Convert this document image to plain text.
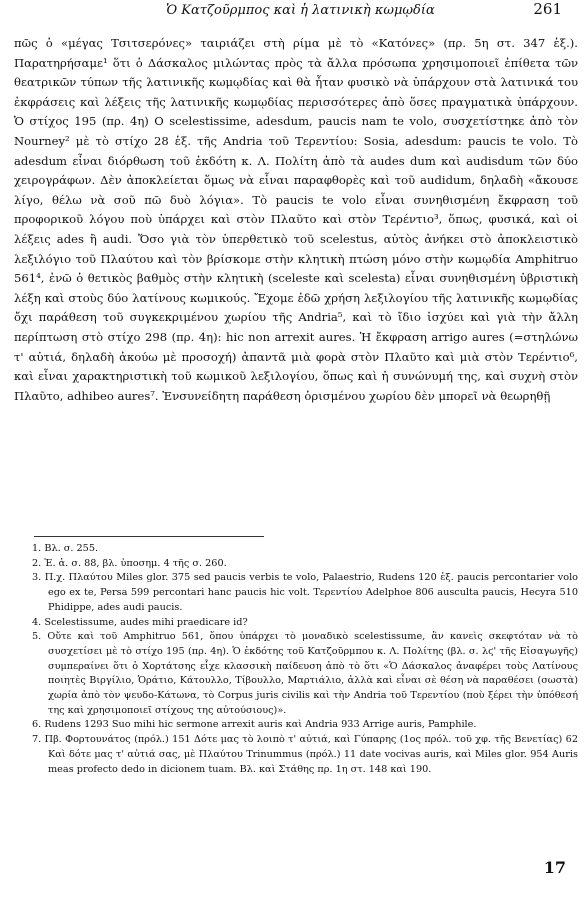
Ὁ Κατζοῦρμπος καὶ ἡ λατινικὴ κωμῳδία	261

πῶς ὁ «μέγας Τσιτσερόνες» ταιριάζει στὴ ρίμα μὲ τὸ «Κατόνες» (πρ. 5η στ. 347 ἑξ.). Παρατηρήσαμε¹ ὅτι ὁ Δάσκαλος μιλώντας πρὸς τὰ ἄλλα πρόσωπα χρησιμοποιεῖ ἐπίθετα τῶν θεατρικῶν τύπων τῆς λατινικῆς κωμῳδίας καὶ θὰ ἦταν φυσικὸ νὰ ὑπάρχουν στὰ λατινικά του ἐκφράσεις καὶ λέξεις τῆς λατινικῆς κωμῳδίας περισσότερες ἀπὸ ὅσες πραγματικὰ ὑπάρχουν. Ὁ στίχος 195 (πρ. 4η) O scelestissime, adesdum, paucis nam te volo, συσχετίστηκε ἀπὸ τὸν Nourney² μὲ τὸ στίχο 28 ἑξ. τῆς Andria τοῦ Τερεντίου: Sosia, adesdum: paucis te volo. Τὸ adesdum εἶναι διόρθωση τοῦ ἐκδότη κ. Λ. Πολίτη ἀπὸ τὰ audes dum καὶ audisdum τῶν δύο χειρογράφων. Δὲν ἀποκλείεται ὅμως νὰ εἶναι παραφθορὲς καὶ τοῦ audidum, δηλαδὴ «ἄκουσε λίγο, θέλω νὰ σοῦ πῶ δυὸ λόγια». Τὸ paucis te volo εἶναι συνηθισμένη ἔκφραση τοῦ προφορικοῦ λόγου ποὺ ὑπάρχει καὶ στὸν Πλαῦτο καὶ στὸν Τερέντιο³, ὅπως, φυσικά, καὶ οἱ λέξεις ades ἢ audi. Ὅσο γιὰ τὸν ὑπερθετικὸ τοῦ scelestus, αὐτὸς ἀνήκει στὸ ἀποκλειστικὸ λεξιλόγιο τοῦ Πλαύτου καὶ τὸν βρίσκομε στὴν κλητικὴ πτώση μόνο στὴν κωμῳδία Amphitruo 561⁴, ἐνῶ ὁ θετικὸς βαθμὸς στὴν κλητικὴ (sceleste καὶ scelesta) εἶναι συνηθισμένη ὑβριστικὴ λέξη καὶ στοὺς δύο λατίνους κωμικούς. Ἔχομε ἐδῶ χρήση λεξιλογίου τῆς λατινικῆς κωμῳδίας ὄχι παράθεση τοῦ συγκεκριμένου χωρίου τῆς Andria⁵, καὶ τὸ ἴδιο ἰσχύει καὶ γιὰ τὴν ἄλλη περίπτωση στὸ στίχο 298 (πρ. 4η): hic non arrexit aures. Ἡ ἔκφραση arrigo aures (=στηλώνω τ' αὐτιά, δηλαδὴ ἀκούω μὲ προσοχή) ἀπαντᾶ μιὰ φορὰ στὸν Πλαῦτο καὶ μιὰ στὸν Τερέντιο⁶, καὶ εἶναι χαρακτηριστικὴ τοῦ κωμικοῦ λεξιλογίου, ὅπως καὶ ἡ συνώνυμή της, καὶ συχνὴ στὸν Πλαῦτο, adhibeo aures⁷. Ἐνσυνείδητη παράθεση ὁρισμένου χωρίου δὲν μπορεῖ νὰ θεωρηθῇ

1. Βλ. σ. 255.

2. Ἑ. ἀ. σ. 88, βλ. ὑποσημ. 4 τῆς σ. 260.

3. Π.χ. Πλαύτου Miles glor. 375 sed paucis verbis te volo, Palaestrio, Rudens 120 ἑξ. paucis percontarier volo ego ex te, Persa 599 percontari hanc paucis hic volt. Τερεντίου Adelphoe 806 ausculta paucis, Hecyra 510 Phidippe, ades audi paucis.

4. Scelestissume, audes mihi praedicare id?

5. Οὔτε καὶ τοῦ Amphitruo 561, ὅπου ὑπάρχει τὸ μοναδικὸ scelestissume, ἂν κανεὶς σκεφτόταν νὰ τὸ συσχετίσει μὲ τὸ στίχο 195 (πρ. 4η). Ὁ ἐκδότης τοῦ Κατζοῦρμπου κ. Λ. Πολίτης (βλ. σ. λϛ' τῆς Εἰσαγωγῆς) συμπεραίνει ὅτι ὁ Χορτάτσης εἶχε κλασσικὴ παίδευση ἀπὸ τὸ ὅτι «Ὁ Δάσκαλος ἀναφέρει τοὺς Λατίνους ποιητὲς Βιργίλιο, Ὁράτιο, Κάτουλλο, Τίβουλλο, Μαρτιάλιο, ἀλλὰ καὶ εἶναι σὲ θέση νὰ παραθέσει (σωστὰ) χωρία ἀπὸ τὸν ψευδο-Κάτωνα, τὸ Corpus juris civilis καὶ τὴν Andria τοῦ Τερεντίου (ποὺ ξέρει τὴν ὑπόθεσή της καὶ χρησιμοποιεῖ στίχους της αὐτούσιους)».

6. Rudens 1293 Suo mihi hic sermone arrexit auris καὶ Andria 933 Arrige auris, Pamphile.

7. Πβ. Φορτουνάτος (πρόλ.) 151 Δότε μας τὸ λοιπὸ τ' αὐτιά, καὶ Γύπαρης (1ος πρόλ. τοῦ χφ. τῆς Βενετίας) 62 Καὶ δότε μας τ' αὐτιά σας, μὲ Πλαύτου Trinummus (πρόλ.) 11 date vocivas auris, καὶ Miles glor. 954 Auris meas profecto dedo in dicionem tuam. Βλ. καὶ Στάθης πρ. 1η στ. 148 καὶ 190.

17
